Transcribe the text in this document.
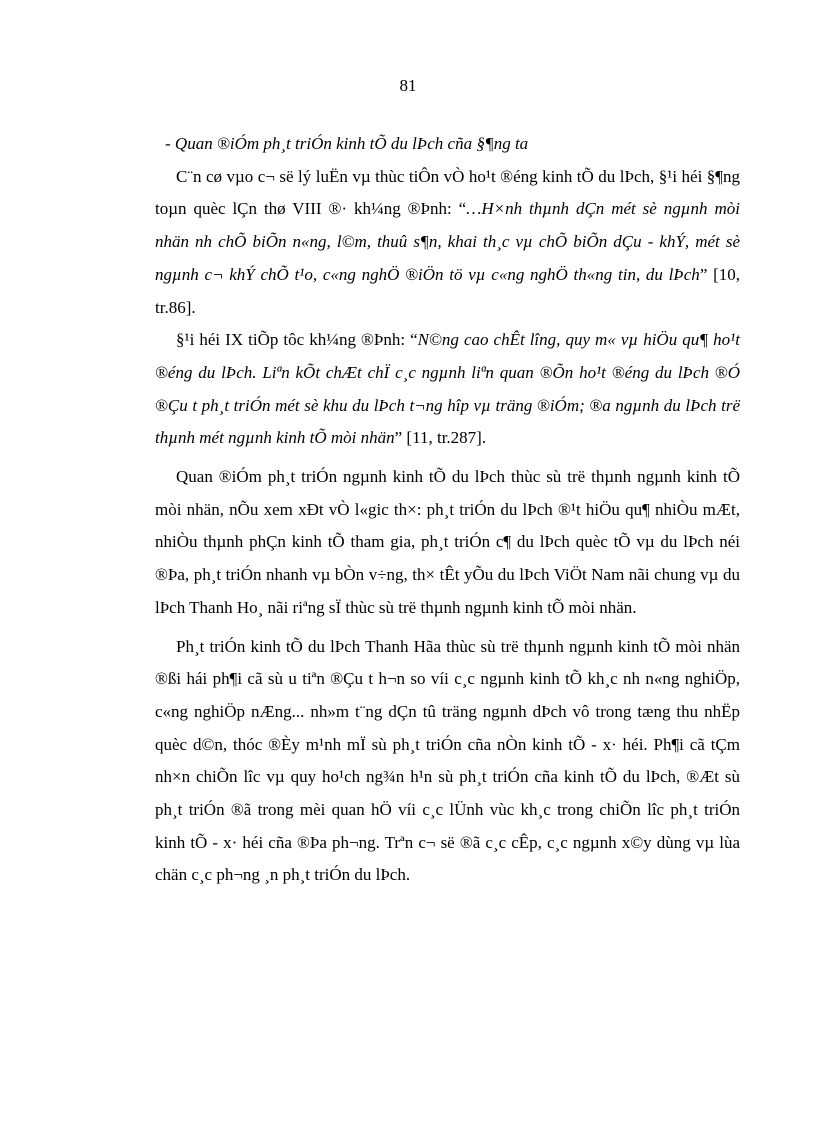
81

- Quan ®iÓm ph¸t triÓn kinh tÕ du lÞch cña §¶ng ta

C¨n cø vµo c¬ së lý luËn vµ thùc tiÔn vÒ ho¹t ®éng kinh tÕ du lÞch, §¹i héi §¶ng toµn quèc lÇn thø VIII ®· kh¼ng ®Þnh: “…H×nh thµnh dÇn mét sè ngµnh mòi nhän nh chÕ biÕn n«ng, l©m, thuû s¶n, khai th¸c vµ chÕ biÕn dÇu - khÝ, mét sè ngµnh c¬ khÝ chÕ t¹o, c«ng nghÖ ®iÖn tö vµ c«ng nghÖ th«ng tin, du lÞch” [10, tr.86].

§¹i héi IX tiÕp tôc kh¼ng ®Þnh: “N©ng cao chÊt lîng, quy m« vµ hiÖu qu¶ ho¹t ®éng du lÞch. Liªn kÕt chÆt chÏ c¸c ngµnh liªn quan ®Õn ho¹t ®éng du lÞch ®Ó ®Çu t ph¸t triÓn mét sè khu du lÞch t¬ng hîp vµ träng ®iÓm; ®a ngµnh du lÞch trë thµnh mét ngµnh kinh tÕ mòi nhän” [11, tr.287].

Quan ®iÓm ph¸t triÓn ngµnh kinh tÕ du lÞch thùc sù trë thµnh ngµnh kinh tÕ mòi nhän, nÕu xem xÐt vÒ l«gic th×: ph¸t triÓn du lÞch ®¹t hiÖu qu¶ nhiÒu mÆt, nhiÒu thµnh phÇn kinh tÕ tham gia, ph¸t triÓn c¶ du lÞch quèc tÕ vµ du lÞch néi ®Þa, ph¸t triÓn nhanh vµ bÒn v÷ng, th× tÊt yÕu du lÞch ViÖt Nam nãi chung vµ du lÞch Thanh Ho¸ nãi riªng sÏ thùc sù trë thµnh ngµnh kinh tÕ mòi nhän.

Ph¸t triÓn kinh tÕ du lÞch Thanh Hãa thùc sù trë thµnh ngµnh kinh tÕ mòi nhän ®ßi hái ph¶i cã sù u tiªn ®Çu t h¬n so víi c¸c ngµnh kinh tÕ kh¸c nh n«ng nghiÖp, c«ng nghiÖp nÆng... nh»m t¨ng dÇn tû träng ngµnh dÞch vô trong tæng thu nhËp quèc d©n, thóc ®Èy m¹nh mÏ sù ph¸t triÓn cña nÒn kinh tÕ - x· héi. Ph¶i cã tÇm nh×n chiÕn lîc vµ quy ho¹ch ng¾n h¹n sù ph¸t triÓn cña kinh tÕ du lÞch, ®Æt sù ph¸t triÓn ®ã trong mèi quan hÖ víi c¸c lÜnh vùc kh¸c trong chiÕn lîc ph¸t triÓn kinh tÕ - x· héi cña ®Þa ph¬ng. Trªn c¬ së ®ã c¸c cÊp, c¸c ngµnh x©y dùng vµ lùa chän c¸c ph¬ng ¸n ph¸t triÓn du lÞch.
